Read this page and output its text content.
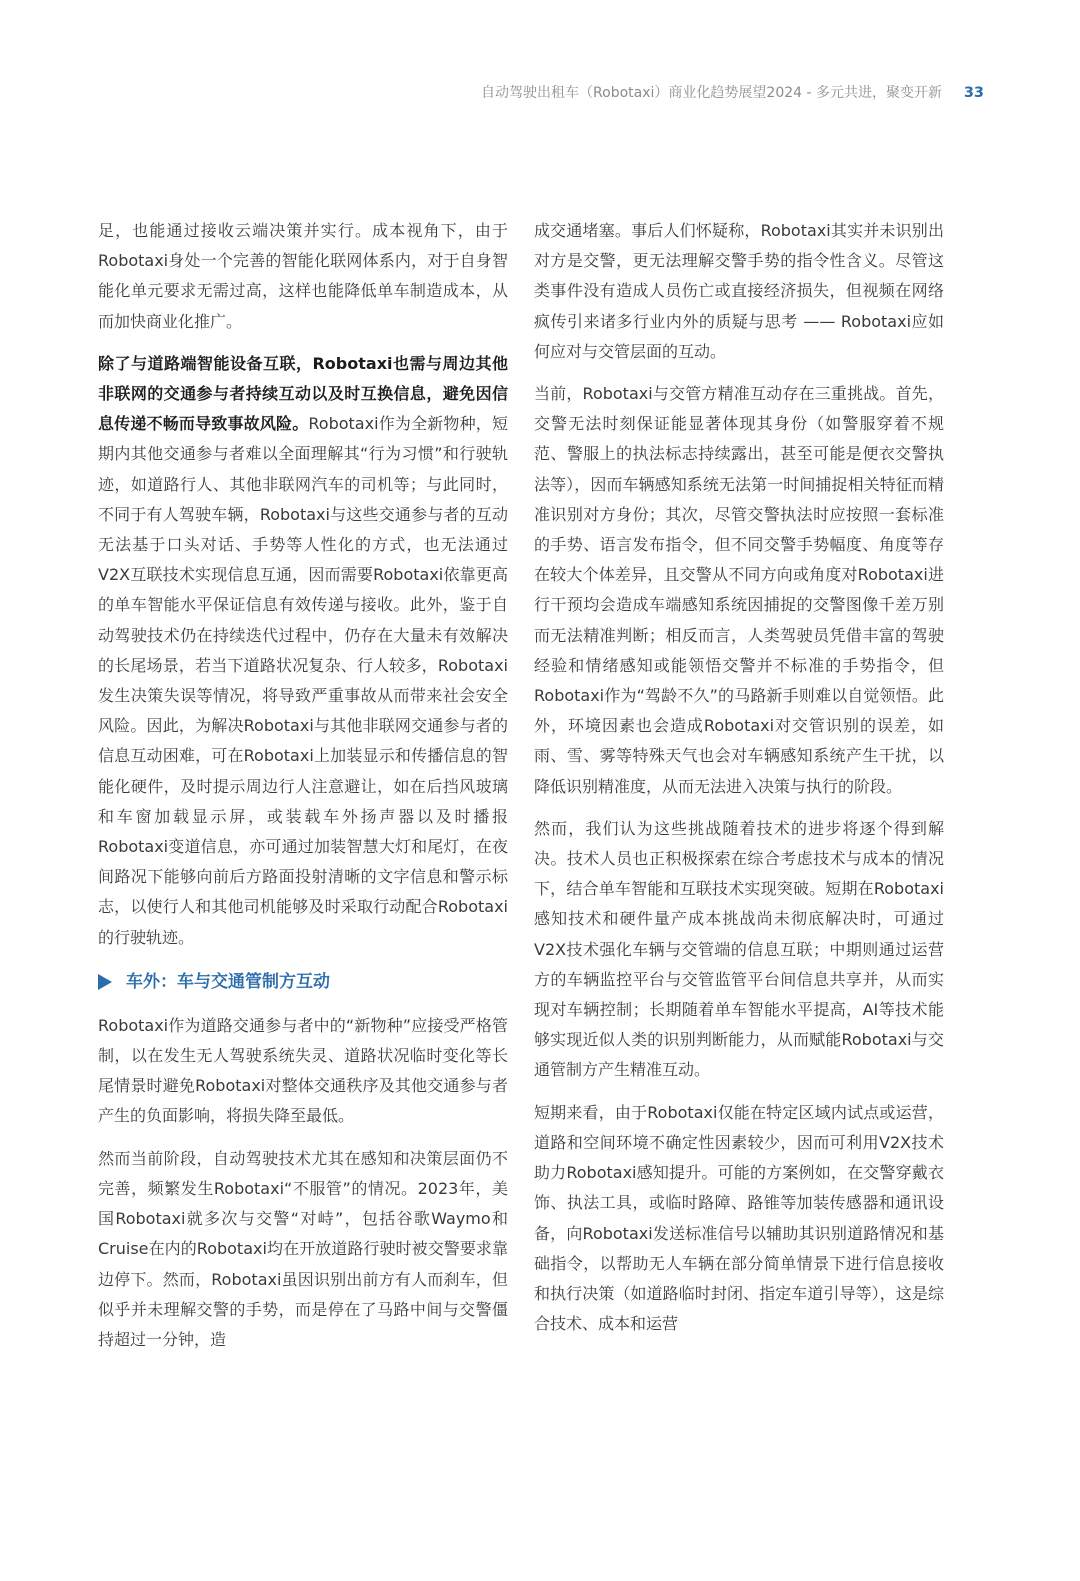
自动驾驶出租车（Robotaxi）商业化趋势展望2024 - 多元共进，聚变开新 33

足，也能通过接收云端决策并实行。成本视角下，由于Robotaxi身处一个完善的智能化联网体系内，对于自身智能化单元要求无需过高，这样也能降低单车制造成本，从而加快商业化推广。

除了与道路端智能设备互联，Robotaxi也需与周边其他非联网的交通参与者持续互动以及时互换信息，避免因信息传递不畅而导致事故风险。Robotaxi作为全新物种，短期内其他交通参与者难以全面理解其“行为习惯”和行驶轨迹，如道路行人、其他非联网汽车的司机等；与此同时，不同于有人驾驶车辆，Robotaxi与这些交通参与者的互动无法基于口头对话、手势等人性化的方式，也无法通过V2X互联技术实现信息互通，因而需要Robotaxi依靠更高的单车智能水平保证信息有效传递与接收。此外，鉴于自动驾驶技术仍在持续迭代过程中，仍存在大量未有效解决的长尾场景，若当下道路状况复杂、行人较多，Robotaxi发生决策失误等情况，将导致严重事故从而带来社会安全风险。因此，为解决Robotaxi与其他非联网交通参与者的信息互动困难，可在Robotaxi上加装显示和传播信息的智能化硬件，及时提示周边行人注意避让，如在后挡风玻璃和车窗加载显示屏，或装载车外扬声器以及时播报Robotaxi变道信息，亦可通过加装智慧大灯和尾灯，在夜间路况下能够向前后方路面投射清晰的文字信息和警示标志，以使行人和其他司机能够及时采取行动配合Robotaxi的行驶轨迹。

车外：车与交通管制方互动

Robotaxi作为道路交通参与者中的“新物种”应接受严格管制，以在发生无人驾驶系统失灵、道路状况临时变化等长尾情景时避免Robotaxi对整体交通秩序及其他交通参与者产生的负面影响，将损失降至最低。

然而当前阶段，自动驾驶技术尤其在感知和决策层面仍不完善，频繁发生Robotaxi“不服管”的情况。2023年，美国Robotaxi就多次与交警“对峙”，包括谷歌Waymo和Cruise在内的Robotaxi均在开放道路行驶时被交警要求靠边停下。然而，Robotaxi虽因识别出前方有人而刹车，但似乎并未理解交警的手势，而是停在了马路中间与交警僵持超过一分钟，造

成交通堵塞。事后人们怀疑称，Robotaxi其实并未识别出对方是交警，更无法理解交警手势的指令性含义。尽管这类事件没有造成人员伤亡或直接经济损失，但视频在网络疯传引来诸多行业内外的质疑与思考 —— Robotaxi应如何应对与交管层面的互动。

当前，Robotaxi与交管方精准互动存在三重挑战。首先，交警无法时刻保证能显著体现其身份（如警服穿着不规范、警服上的执法标志持续露出，甚至可能是便衣交警执法等），因而车辆感知系统无法第一时间捕捉相关特征而精准识别对方身份；其次，尽管交警执法时应按照一套标准的手势、语言发布指令，但不同交警手势幅度、角度等存在较大个体差异，且交警从不同方向或角度对Robotaxi进行干预均会造成车端感知系统因捕捉的交警图像千差万别而无法精准判断；相反而言，人类驾驶员凭借丰富的驾驶经验和情绪感知或能领悟交警并不标准的手势指令，但Robotaxi作为“驾龄不久”的马路新手则难以自觉领悟。此外，环境因素也会造成Robotaxi对交管识别的误差，如雨、雪、雾等特殊天气也会对车辆感知系统产生干扰，以降低识别精准度，从而无法进入决策与执行的阶段。

然而，我们认为这些挑战随着技术的进步将逐个得到解决。技术人员也正积极探索在综合考虑技术与成本的情况下，结合单车智能和互联技术实现突破。短期在Robotaxi感知技术和硬件量产成本挑战尚未彻底解决时，可通过V2X技术强化车辆与交管端的信息互联；中期则通过运营方的车辆监控平台与交管监管平台间信息共享并，从而实现对车辆控制；长期随着单车智能水平提高，AI等技术能够实现近似人类的识别判断能力，从而赋能Robotaxi与交通管制方产生精准互动。

短期来看，由于Robotaxi仅能在特定区域内试点或运营，道路和空间环境不确定性因素较少，因而可利用V2X技术助力Robotaxi感知提升。可能的方案例如，在交警穿戴衣饰、执法工具，或临时路障、路锥等加装传感器和通讯设备，向Robotaxi发送标准信号以辅助其识别道路情况和基础指令，以帮助无人车辆在部分简单情景下进行信息接收和执行决策（如道路临时封闭、指定车道引导等），这是综合技术、成本和运营
